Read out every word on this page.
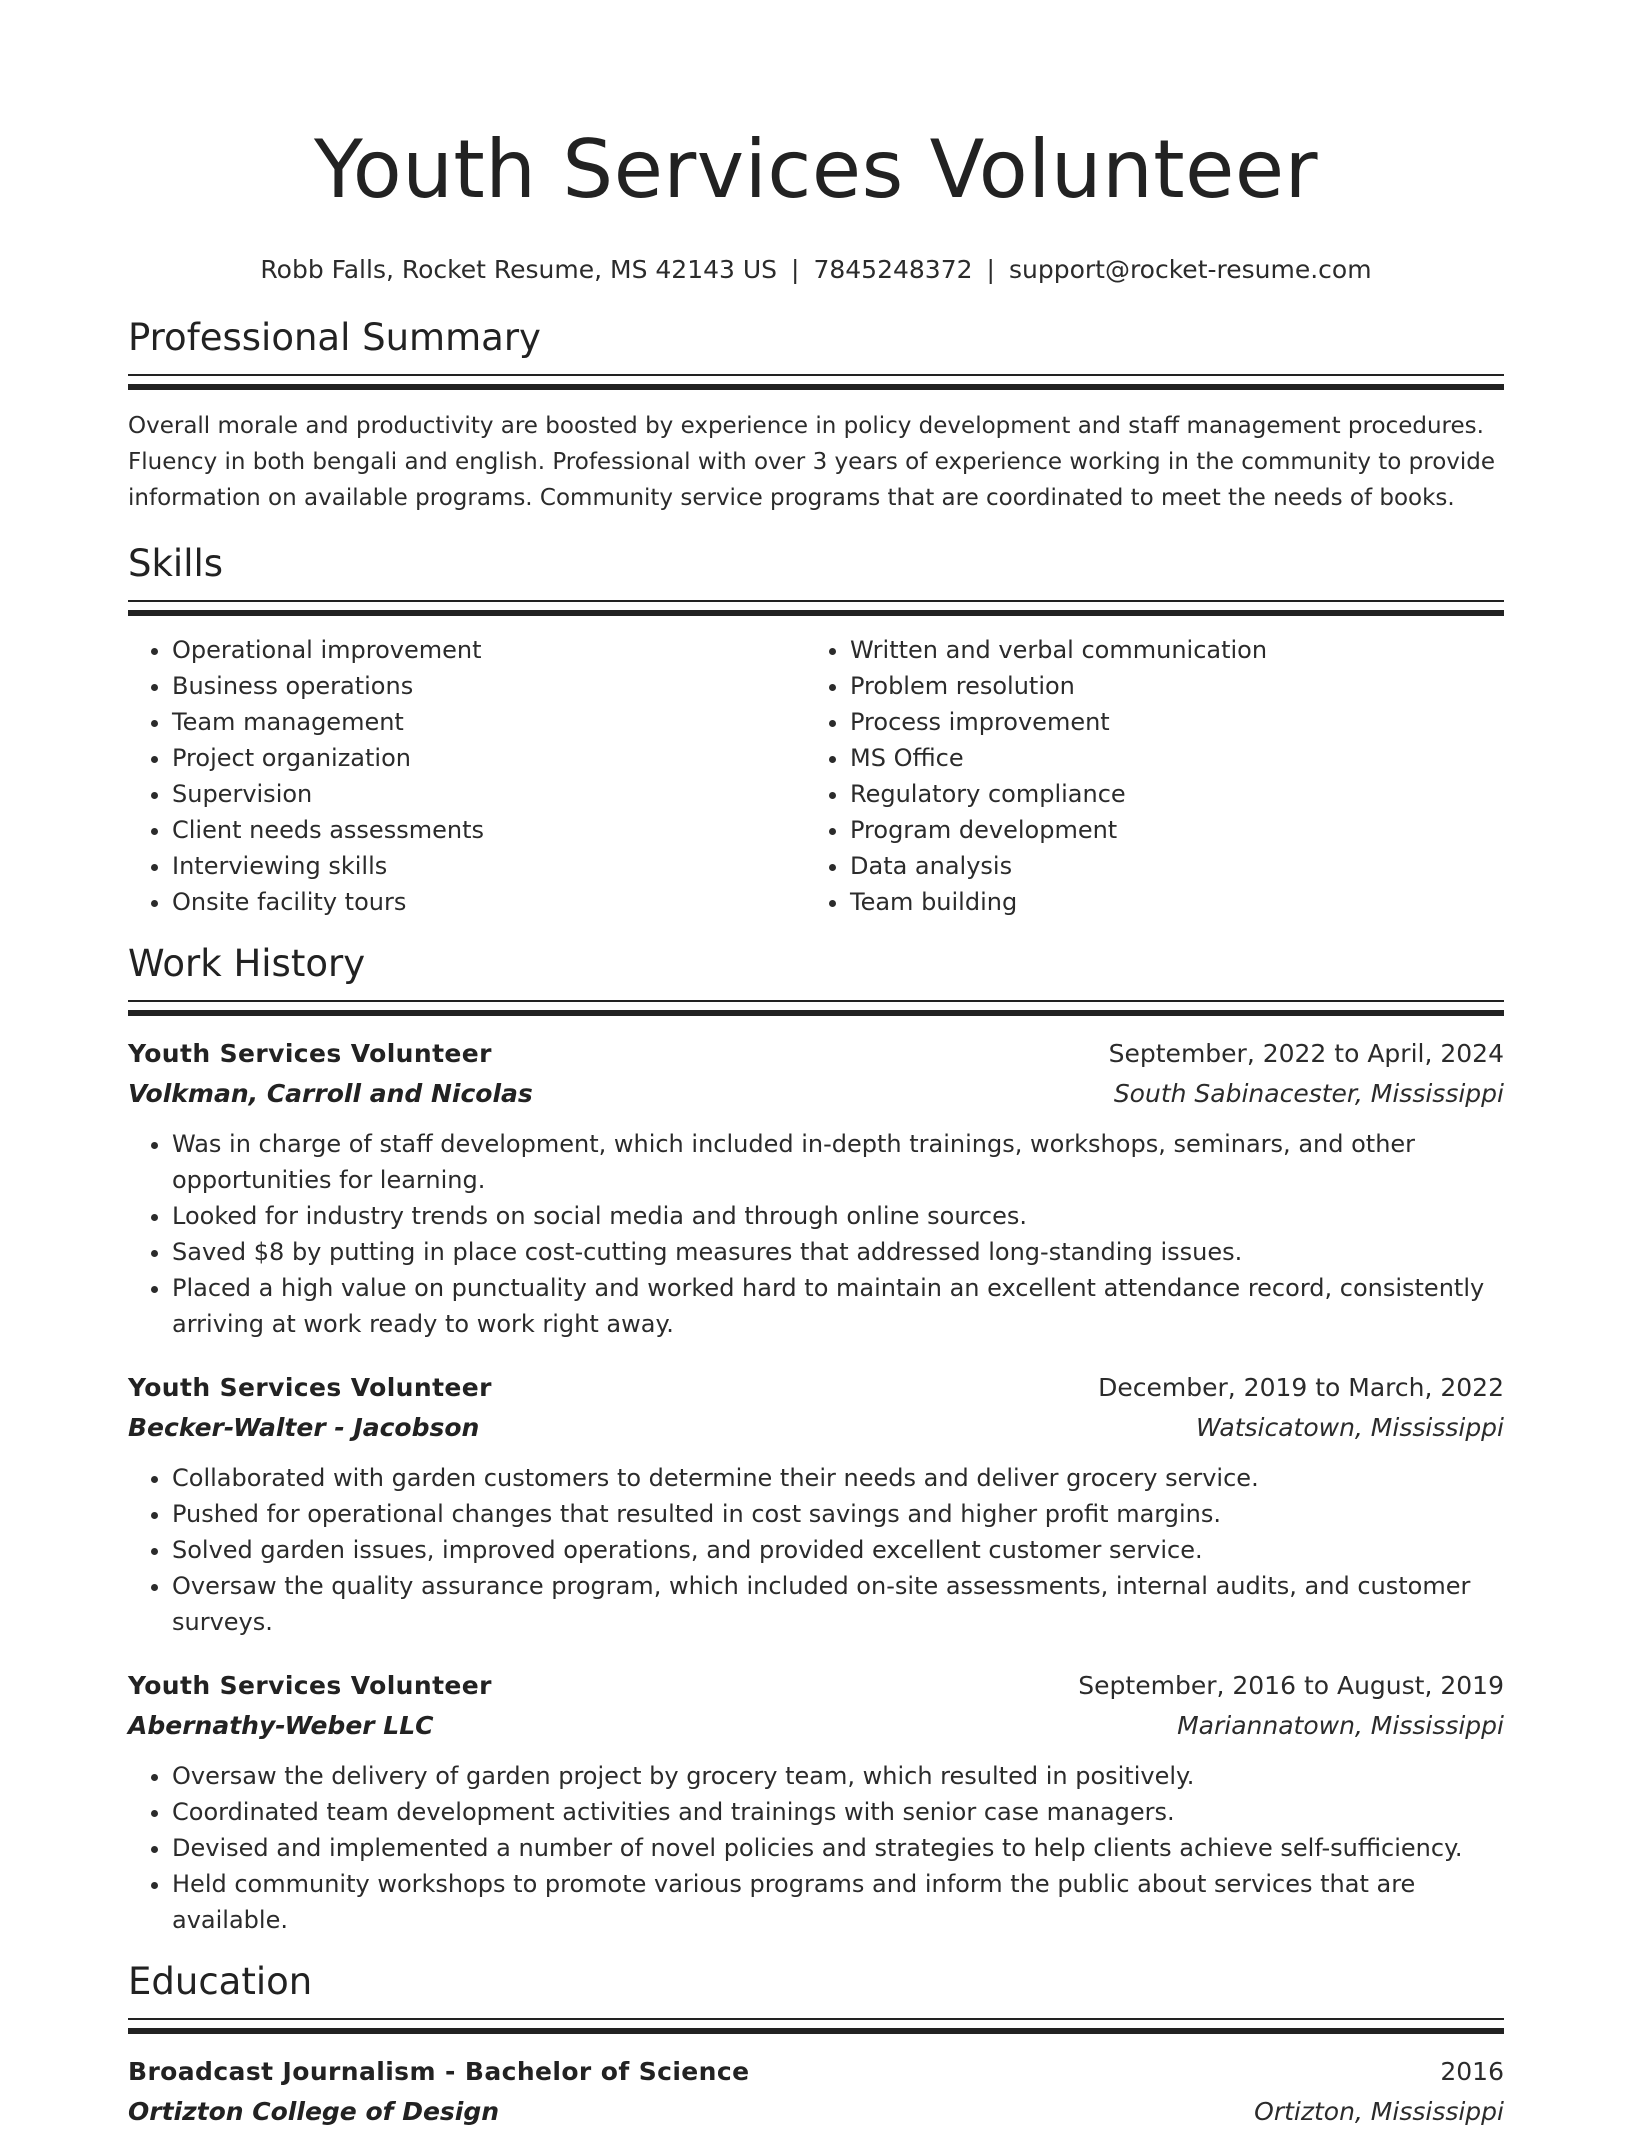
Youth Services Volunteer
Robb Falls, Rocket Resume, MS 42143 US | 7845248372 | support@rocket-resume.com
Professional Summary

Overall morale and productivity are boosted by experience in policy development and staff management procedures. Fluency in both bengali and english. Professional with over 3 years of experience working in the community to provide information on available programs. Community service programs that are coordinated to meet the needs of books.

Skills
• Operational improvement
• Business operations
• Team management
• Project organization
• Supervision
• Client needs assessments
• Interviewing skills
• Onsite facility tours
• Written and verbal communication
• Problem resolution
• Process improvement
• MS Office
• Regulatory compliance
• Program development
• Data analysis
• Team building
Work History
Youth Services Volunteer	September, 2022 to April, 2024
Volkman, Carroll and Nicolas	South Sabinacester, Mississippi
• Was in charge of staff development, which included in-depth trainings, workshops, seminars, and other opportunities for learning.
• Looked for industry trends on social media and through online sources.
• Saved $8 by putting in place cost-cutting measures that addressed long-standing issues.
• Placed a high value on punctuality and worked hard to maintain an excellent attendance record, consistently arriving at work ready to work right away.
Youth Services Volunteer	December, 2019 to March, 2022
Becker-Walter - Jacobson	Watsicatown, Mississippi
• Collaborated with garden customers to determine their needs and deliver grocery service.
• Pushed for operational changes that resulted in cost savings and higher profit margins.
• Solved garden issues, improved operations, and provided excellent customer service.
• Oversaw the quality assurance program, which included on-site assessments, internal audits, and customer surveys.
Youth Services Volunteer	September, 2016 to August, 2019
Abernathy-Weber LLC	Mariannatown, Mississippi
• Oversaw the delivery of garden project by grocery team, which resulted in positively.
• Coordinated team development activities and trainings with senior case managers.
• Devised and implemented a number of novel policies and strategies to help clients achieve self-sufficiency.
• Held community workshops to promote various programs and inform the public about services that are available.
Education
Broadcast Journalism - Bachelor of Science	2016
Ortizton College of Design	Ortizton, Mississippi
